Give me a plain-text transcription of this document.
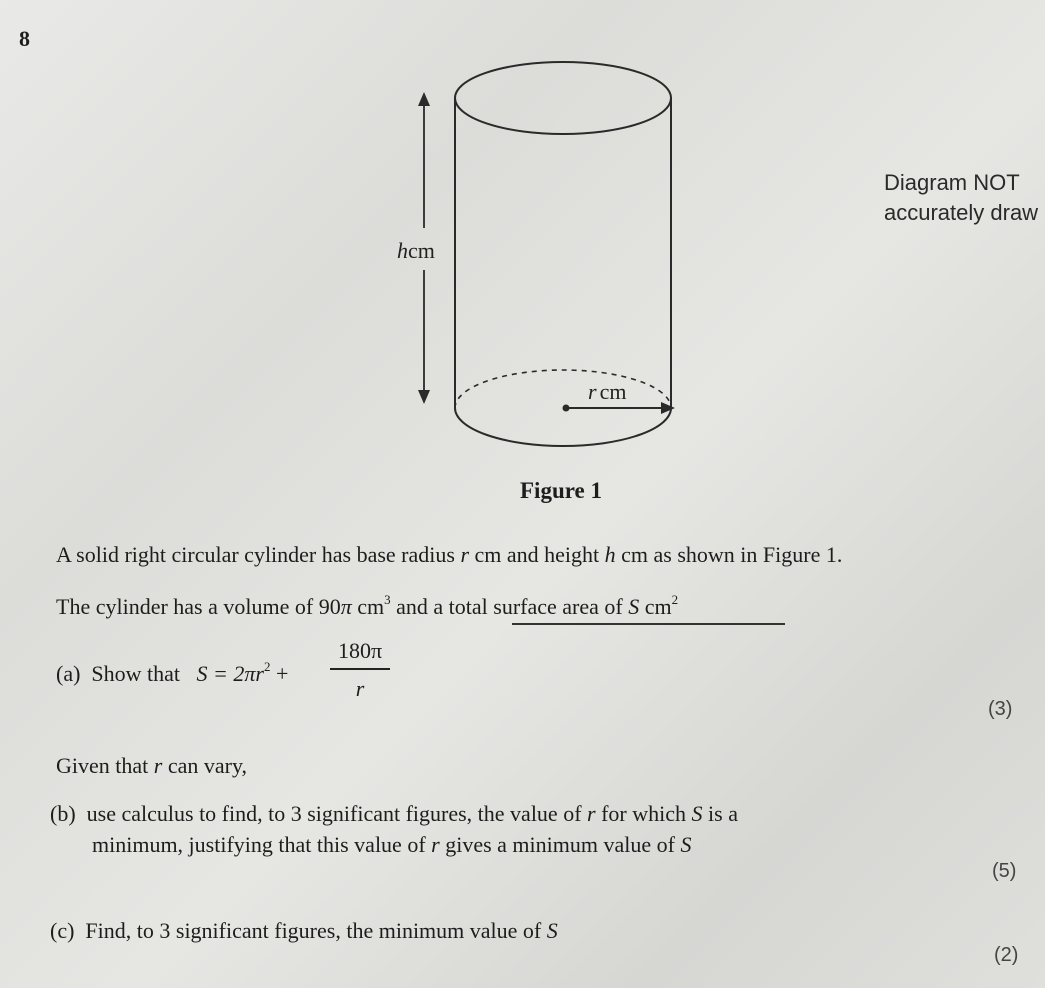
8
Diagram NOT
accurately draw
hcm
r cm
Figure 1
A solid right circular cylinder has base radius r cm and height h cm as shown in Figure 1.
The cylinder has a volume of 90π $cm^3$ and a total surface area of S $cm^2$
(a) Show that $S = 2\pi r^2$ +
180π
r
(3)
Given that r can vary,
(b) use calculus to find, to 3 significant figures, the value of r for which S is a
minimum, justifying that this value of r gives a minimum value of S
(5)
(c) Find, to 3 significant figures, the minimum value of S
(2)
